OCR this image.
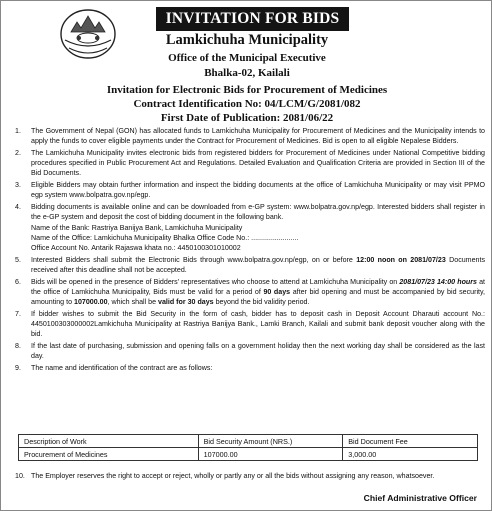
INVITATION FOR BIDS
Lamkichuha Municipality
Office of the Municipal Executive
Bhalka-02, Kailali
Invitation for Electronic Bids for Procurement of Medicines
Contract Identification No: 04/LCM/G/2081/082
First Date of Publication: 2081/06/22
1.	The Government of Nepal (GON) has allocated funds to Lamkichuha Municipality for Procurement of Medicines and the Municipality intends to apply the funds to cover eligible payments under the Contract for Procurement of Medicines. Bid is open to all eligible Nepalese Bidders.
2.	The Lamkichuha Municipality invites electronic bids from registered bidders for Procurement of Medicines under National Competitive bidding procedures specified in Public Procurement Act and Regulations. Detailed Evaluation and Qualification Criteria are provided in Section III of the Bid Documents.
3.	Eligible Bidders may obtain further information and inspect the bidding documents at the office of Lamkichuha Municipality or may visit PPMO egp system www.bolpatra.gov.np/egp.
4.	Bidding documents is available online and can be downloaded from e-GP system: www.bolpatra.gov.np/egp. Interested bidders shall register in the e-GP system and deposit the cost of bidding document in the following bank.
Name of the Bank: Rastriya Banijya Bank, Lamkichuha Municipality
Name of the Office: Lamkichuha Municipality Bhalka Office Code No.: ........................
Office Account No. Antarik Rajaswa khata no.: 4450100301010002
5.	Interested Bidders shall submit the Electronic Bids through www.bolpatra.gov.np/egp, on or before 12:00 noon on 2081/07/23 Documents received after this deadline shall not be accepted.
6.	Bids will be opened in the presence of Bidders' representatives who choose to attend at Lamkichuha Municipality on 2081/07/23 14:00 hours at the office of Lamkichuha Municipality, Bids must be valid for a period of 90 days after bid opening and must be accompanied by bid security, amounting to 107000.00, which shall be valid for 30 days beyond the bid validity period.
7.	If bidder wishes to submit the Bid Security in the form of cash, bidder has to deposit cash in Deposit Account Dharauti account No.: 4450100303000002Lamkichuha Municipality at Rastriya Banijya Bank., Lamki Branch, Kailali and submit bank deposit voucher along with the bid.
8.	If the last date of purchasing, submission and opening falls on a government holiday then the next working day shall be considered as the last day.
9.	The name and identification of the contract are as follows:
Description of Work	Bid Security Amount (NRS.)	Bid Document Fee
Procurement of Medicines	107000.00	3,000.00
10. The Employer reserves the right to accept or reject, wholly or partly any or all the bids without assigning any reason, whatsoever.
Chief Administrative Officer
